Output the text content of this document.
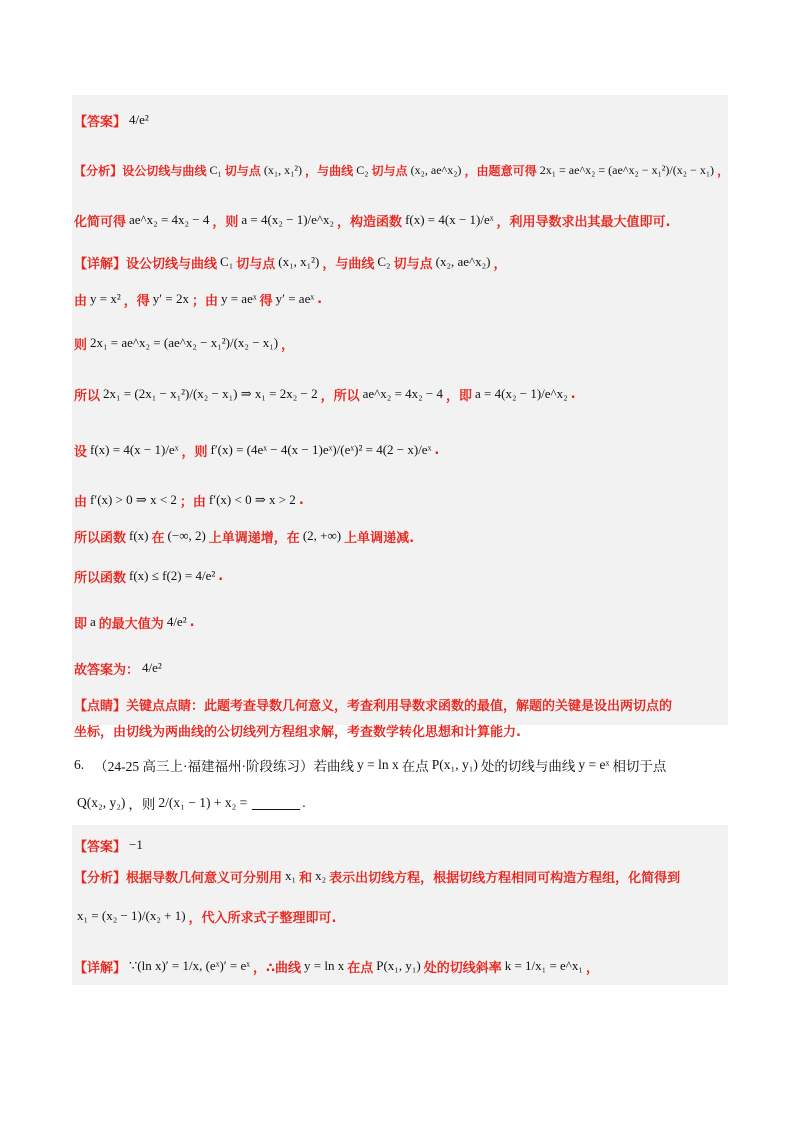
【答案】 4/e²
【分析】 设公切线与曲线 C₁ 切与点 (x₁, x₁²) ，与曲线 C₂ 切与点 (x₂, ae^x₂) ，由题意可得 2x₁ = ae^x₂ = (ae^x₂ − x₁²)/(x₂ − x₁) ，
化简可得 ae^x₂ = 4x₂ − 4 ，则 a = 4(x₂ − 1)/e^x₂ ，构造函数 f(x) = 4(x − 1)/eˣ ，利用导数求出其最大值即可.
【详解】 设公切线与曲线 C₁ 切与点 (x₁, x₁²) ，与曲线 C₂ 切与点 (x₂, ae^x₂) ，
由 y = x² ，得 y′ = 2x ；由 y = aeˣ 得 y′ = aeˣ .
则 2x₁ = ae^x₂ = (ae^x₂ − x₁²)/(x₂ − x₁) ，
所以 2x₁ = (2x₁ − x₁²)/(x₂ − x₁) ⇒ x₁ = 2x₂ − 2 ，所以 ae^x₂ = 4x₂ − 4 ，即 a = 4(x₂ − 1)/e^x₂ .
设 f(x) = 4(x − 1)/eˣ ，则 f′(x) = (4eˣ − 4(x − 1)eˣ)/(eˣ)² = 4(2 − x)/eˣ .
由 f′(x) > 0 ⇒ x < 2 ；由 f′(x) < 0 ⇒ x > 2 .
所以函数 f(x) 在 (−∞, 2) 上单调递增，在 (2, +∞) 上单调递减.
所以函数 f(x) ≤ f(2) = 4/e² .
即 a 的最大值为 4/e² .
故答案为： 4/e²
【点睛】 关键点点睛：此题考查导数几何意义，考查利用导数求函数的最值，解题的关键是设出两切点的
坐标，由切线为两曲线的公切线列方程组求解，考查数学转化思想和计算能力.
6. （24-25 高三上·福建福州·阶段练习） 若曲线 y = ln x 在点 P(x₁, y₁) 处的切线与曲线 y = eˣ 相切于点
Q(x₂, y₂) ，则 2/(x₁ − 1) + x₂ =	.
【答案】 −1
【分析】 根据导数几何意义可分别用 x₁ 和 x₂ 表示出切线方程，根据切线方程相同可构造方程组，化简得到
x₁ = (x₂ − 1)/(x₂ + 1) ，代入所求式子整理即可.
【详解】 ∵(ln x)′ = 1/x, (eˣ)′ = eˣ ，∴曲线 y = ln x 在点 P(x₁, y₁) 处的切线斜率 k = 1/x₁ = e^x₁ ，
